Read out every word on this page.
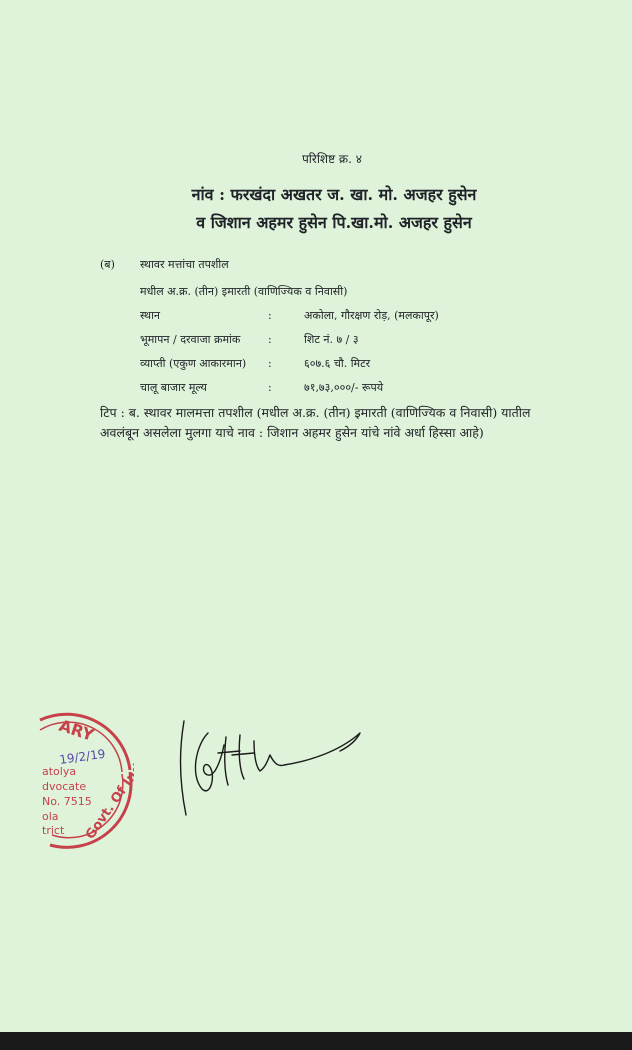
परिशिष्ट क्र. ४
नांव : फरखंदा अखतर ज. खा. मो. अजहर हुसेन
व जिशान अहमर हुसेन पि.खा.मो. अजहर हुसेन
(ब) स्थावर मत्तांचा तपशील
मधील अ.क्र. (तीन) इमारती (वाणिज्यिक व निवासी)
स्थान	:	अकोला, गौरक्षण रोड़, (मलकापूर)
भूमापन / दरवाजा क्रमांक	:	शिट नं. ७ / ३
व्याप्ती (एकुण आकारमान)	:	६०७.६ चौ. मिटर
चालू बाजार मूल्य	:	७१,७३,०००/- रूपये
टिप : ब. स्थावर मालमत्ता तपशील (मधील अ.क्र. (तीन) इमारती (वाणिज्यिक व निवासी) यातील अवलंबून असलेला मुलगा याचे नाव : जिशान अहमर हुसेन यांचे नांवे अर्धा हिस्सा आहे)
ARY
19/2/19
atolya
dvocate
No. 7515
ola
trict Govt. Of India
